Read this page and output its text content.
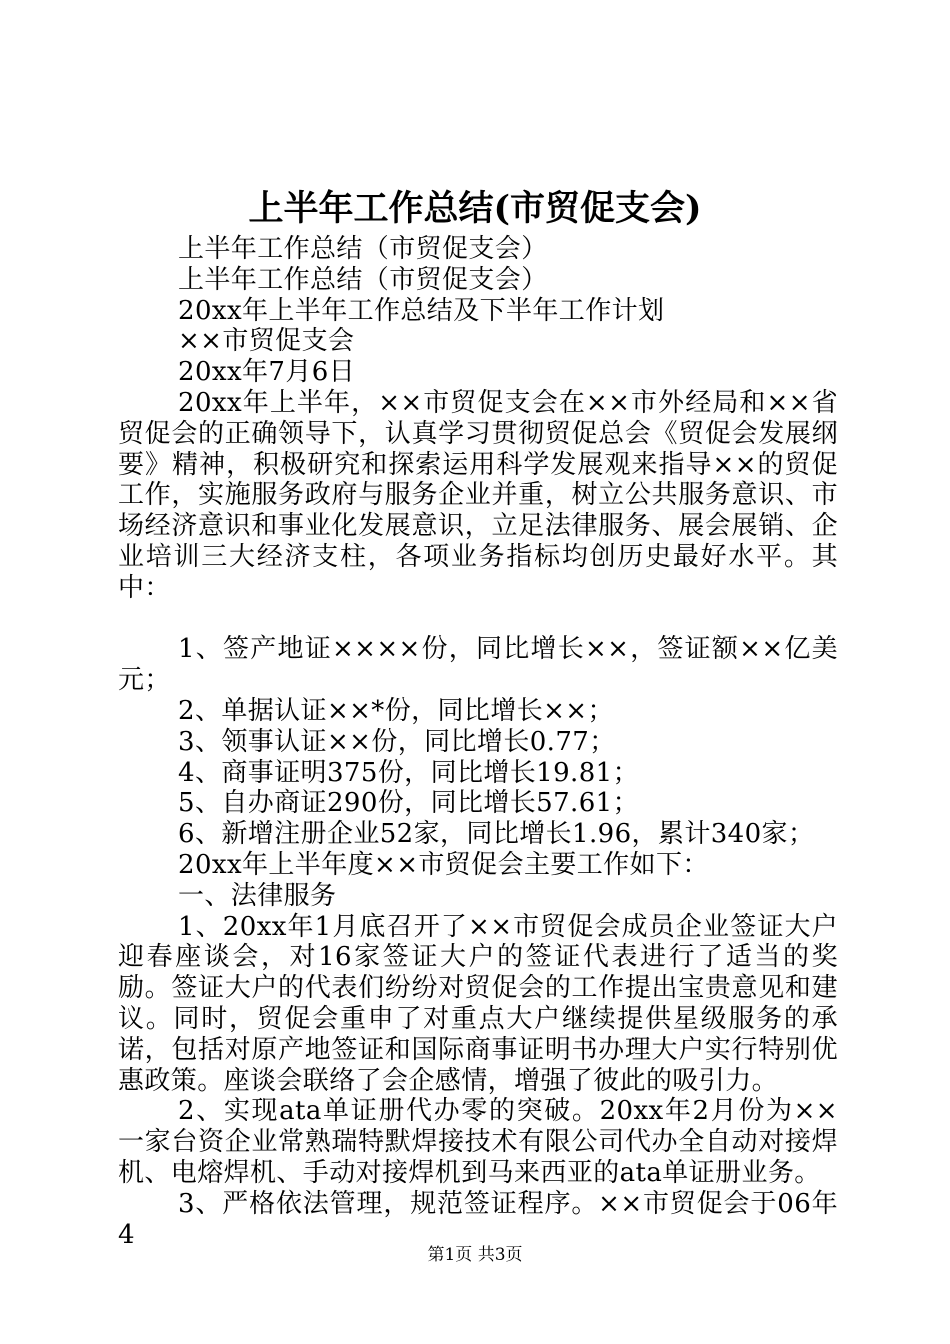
上半年工作总结(市贸促支会)

上半年工作总结（市贸促支会）

上半年工作总结（市贸促支会）

20xx年上半年工作总结及下半年工作计划

××市贸促支会

20xx年7月6日

20xx年上半年，××市贸促支会在××市外经局和××省贸促会的正确领导下，认真学习贯彻贸促总会《贸促会发展纲要》精神，积极研究和探索运用科学发展观来指导××的贸促工作，实施服务政府与服务企业并重，树立公共服务意识、市场经济意识和事业化发展意识，立足法律服务、展会展销、企业培训三大经济支柱，各项业务指标均创历史最好水平。其中：

1、签产地证××××份，同比增长××，签证额××亿美元；

2、单据认证××*份，同比增长××；

3、领事认证××份，同比增长0.77；

4、商事证明375份，同比增长19.81；

5、自办商证290份，同比增长57.61；

6、新增注册企业52家，同比增长1.96，累计340家；

20xx年上半年度××市贸促会主要工作如下：

一、法律服务

1、20xx年1月底召开了××市贸促会成员企业签证大户迎春座谈会，对16家签证大户的签证代表进行了适当的奖励。签证大户的代表们纷纷对贸促会的工作提出宝贵意见和建议。同时，贸促会重申了对重点大户继续提供星级服务的承诺，包括对原产地签证和国际商事证明书办理大户实行特别优惠政策。座谈会联络了会企感情，增强了彼此的吸引力。

2、实现ata单证册代办零的突破。20xx年2月份为××一家台资企业常熟瑞特默焊接技术有限公司代办全自动对接焊机、电熔焊机、手动对接焊机到马来西亚的ata单证册业务。

3、严格依法管理，规范签证程序。××市贸促会于06年4

第1页 共3页
